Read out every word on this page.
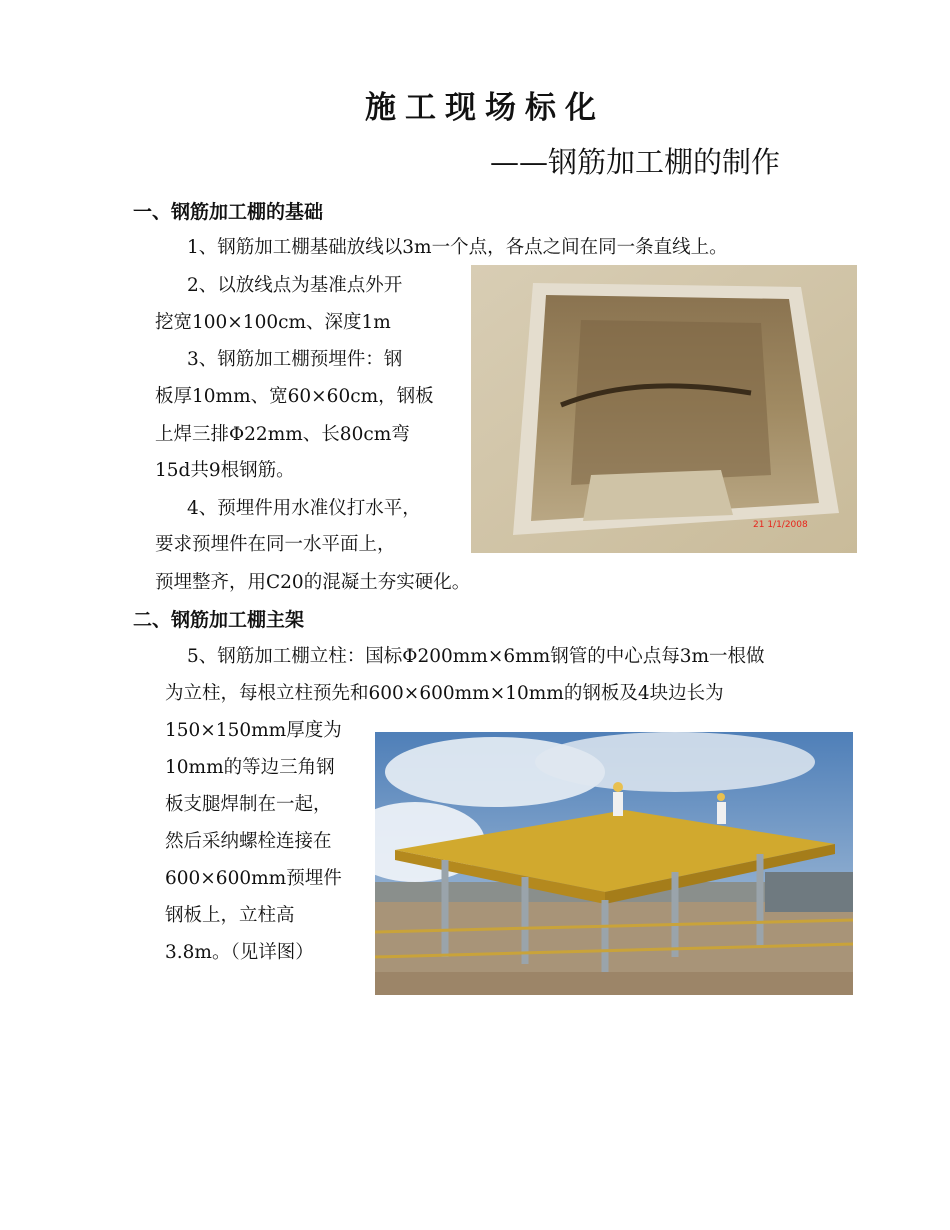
施工现场标化
——钢筋加工棚的制作
一、钢筋加工棚的基础
1、钢筋加工棚基础放线以3m一个点，各点之间在同一条直线上。
2、以放线点为基准点外开
挖宽100×100cm、深度1m
3、钢筋加工棚预埋件：钢
板厚10mm、宽60×60cm，钢板
上焊三排Φ22mm、长80cm弯
15d共9根钢筋。
4、预埋件用水准仪打水平，
要求预埋件在同一水平面上，
预埋整齐，用C20的混凝土夯实硬化。
21 1/1/2008
二、钢筋加工棚主架
5、钢筋加工棚立柱：国标Φ200mm×6mm钢管的中心点每3m一根做
为立柱，每根立柱预先和600×600mm×10mm的钢板及4块边长为
150×150mm厚度为
10mm的等边三角钢
板支腿焊制在一起，
然后采纳螺栓连接在
600×600mm预埋件
钢板上，立柱高
3.8m。（见详图）
